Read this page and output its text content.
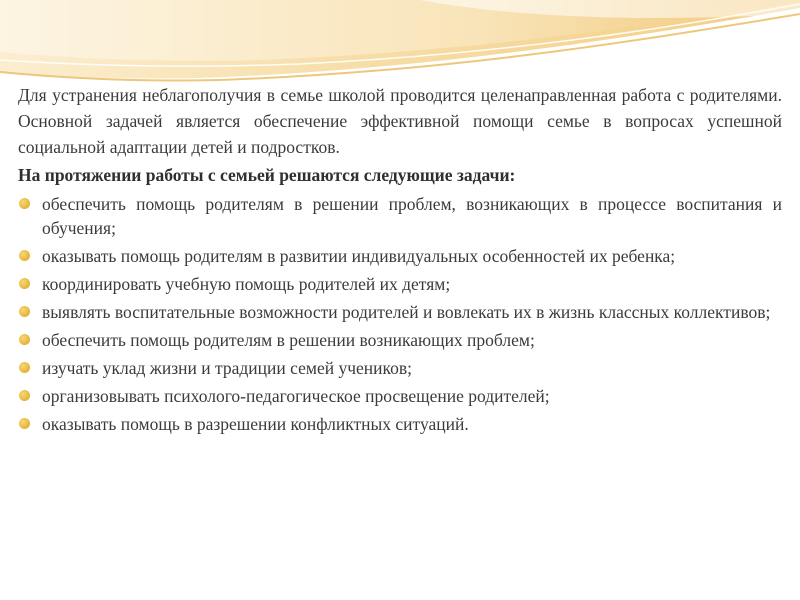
Для устранения неблагополучия в семье школой проводится целенаправленная работа с родителями. Основной задачей является обеспечение эффективной помощи семье в вопросах успешной социальной адаптации детей и подростков.

На протяжении работы с семьей решаются следующие задачи:

обеспечить помощь родителям в решении проблем, возникающих в процессе воспитания и обучения;
оказывать помощь родителям в развитии индивидуальных особенностей их ребенка;
координировать учебную помощь родителей их детям;
выявлять воспитательные возможности родителей и вовлекать их в жизнь классных коллективов;
обеспечить помощь родителям в решении возникающих проблем;
изучать уклад жизни и традиции семей учеников;
организовывать психолого-педагогическое просвещение родителей;
оказывать помощь в разрешении конфликтных ситуаций.
